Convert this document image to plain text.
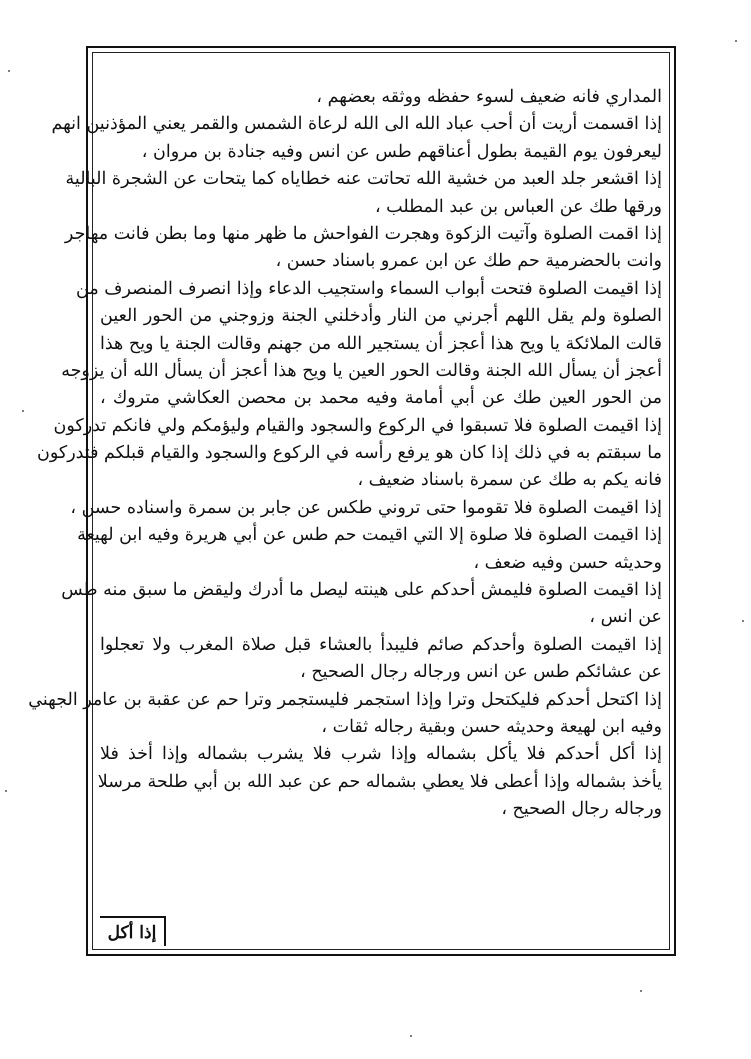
المداري فانه ضعيف لسوء حفظه ووثقه بعضهم ،
إذا اقسمت أريت أن أحب عباد الله الى الله لرعاة الشمس والقمر يعني المؤذنين انهم
ليعرفون يوم القيمة بطول أعناقهم طس عن انس وفيه جنادة بن مروان ،
إذا اقشعر جلد العبد من خشية الله تحاتت عنه خطاياه كما يتحات عن الشجرة البالية
ورقها طك عن العباس بن عبد المطلب ،
إذا اقمت الصلوة وآتيت الزكوة وهجرت الفواحش ما ظهر منها وما بطن فانت مهاجر
وانت بالحضرمية حم طك عن ابن عمرو باسناد حسن ،
إذا اقيمت الصلوة فتحت أبواب السماء واستجيب الدعاء وإذا انصرف المنصرف من
الصلوة ولم يقل اللهم أجرني من النار وأدخلني الجنة وزوجني من الحور العين
قالت الملائكة يا ويح هذا أعجز أن يستجير الله من جهنم وقالت الجنة يا ويح هذا
أعجز أن يسأل الله الجنة وقالت الحور العين يا ويح هذا أعجز أن يسأل الله أن يزوجه
من الحور العين طك عن أبي أمامة وفيه محمد بن محصن العكاشي متروك ،
إذا اقيمت الصلوة فلا تسبقوا في الركوع والسجود والقيام وليؤمكم ولي فانكم تدركون
ما سبقتم به في ذلك إذا كان هو يرفع رأسه في الركوع والسجود والقيام قبلكم فتدركون
فانه يكم به طك عن سمرة باسناد ضعيف ،
إذا اقيمت الصلوة فلا تقوموا حتى تروني طكس عن جابر بن سمرة واسناده حسن ،
إذا اقيمت الصلوة فلا صلوة إلا التي اقيمت حم طس عن أبي هريرة وفيه ابن لهيعة
وحديثه حسن وفيه ضعف ،
إذا اقيمت الصلوة فليمش أحدكم على هينته ليصل ما أدرك وليقض ما سبق منه طس
عن انس ،
إذا اقيمت الصلوة وأحدكم صائم فليبدأ بالعشاء قبل صلاة المغرب ولا تعجلوا
عن عشائكم طس عن انس ورجاله رجال الصحيح ،
إذا اكتحل أحدكم فليكتحل وترا وإذا استجمر فليستجمر وترا حم عن عقبة بن عامر الجهني
وفيه ابن لهيعة وحديثه حسن وبقية رجاله ثقات ،
إذا أكل أحدكم فلا يأكل بشماله وإذا شرب فلا يشرب بشماله وإذا أخذ فلا
يأخذ بشماله وإذا أعطى فلا يعطي بشماله حم عن عبد الله بن أبي طلحة مرسلا
ورجاله رجال الصحيح ،
إذا أكل
